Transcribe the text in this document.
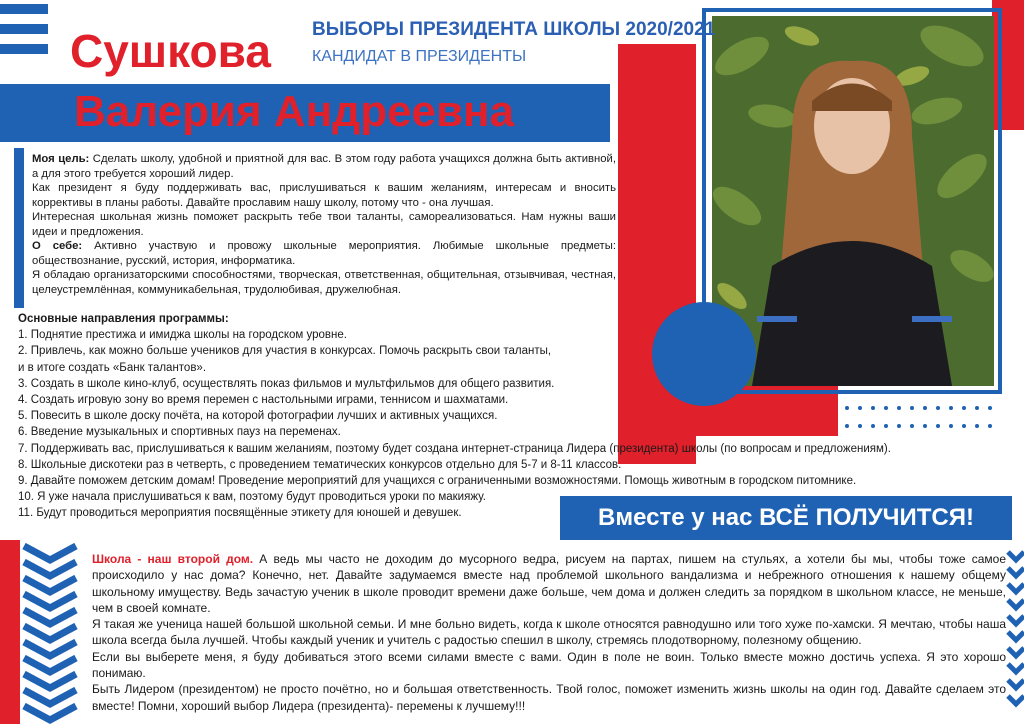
ВЫБОРЫ ПРЕЗИДЕНТА ШКОЛЫ 2020/2021
КАНДИДАТ В ПРЕЗИДЕНТЫ
Сушкова
Валерия Андреевна

Моя цель: Сделать школу, удобной и приятной для вас. В этом году работа учащихся должна быть активной, а для этого требуется хороший лидер.

Как президент я буду поддерживать вас, прислушиваться к вашим желаниям, интересам и вносить коррективы в планы работы. Давайте прославим нашу школу, потому что - она лучшая.

Интересная школьная жизнь поможет раскрыть тебе твои таланты, самореализоваться. Нам нужны ваши идеи и предложения.

О себе: Активно участвую и провожу школьные мероприятия. Любимые школьные предметы: обществознание, русский, история, информатика.

Я обладаю организаторскими способностями, творческая, ответственная, общительная, отзывчивая, честная, целеустремлённая, коммуникабельная, трудолюбивая, дружелюбная.

Основные направления программы:
1. Поднятие престижа и имиджа школы на городском уровне.
2. Привлечь, как можно больше учеников для участия в конкурсах. Помочь раскрыть свои таланты,
и в итоге создать «Банк талантов».
3. Создать в школе кино-клуб, осуществлять показ фильмов и мультфильмов для общего развития.
4. Создать игровую зону во время перемен с настольными играми, теннисом и шахматами.
5. Повесить в школе доску почёта, на которой фотографии лучших и активных учащихся.
6. Введение музыкальных и спортивных пауз на переменах.
7. Поддерживать вас, прислушиваться к вашим желаниям, поэтому будет создана интернет-страница Лидера (президента) школы (по вопросам и предложениям).
8. Школьные дискотеки раз в четверть, с проведением тематических конкурсов отдельно для 5-7 и 8-11 классов.
9. Давайте поможем детским домам! Проведение мероприятий для учащихся с ограниченными возможностями. Помощь животным в городском питомнике.
10. Я уже начала прислушиваться к вам, поэтому будут проводиться уроки по макияжу.
11. Будут проводиться мероприятия посвящённые этикету для юношей и девушек.	Вместе у нас ВСЁ ПОЛУЧИТСЯ!

Школа - наш второй дом. А ведь мы часто не доходим до мусорного ведра, рисуем на партах, пишем на стульях, а хотели бы мы, чтобы тоже самое происходило у нас дома? Конечно, нет. Давайте задумаемся вместе над проблемой школьного вандализма и небрежного отношения к нашему общему школьному имуществу. Ведь зачастую ученик в школе проводит времени даже больше, чем дома и должен следить за порядком в школьном классе, не меньше, чем в своей комнате.

Я такая же ученица нашей большой школьной семьи. И мне больно видеть, когда к школе относятся равнодушно или того хуже по-хамски. Я мечтаю, чтобы наша школа всегда была лучшей. Чтобы каждый ученик и учитель с радостью спешил в школу, стремясь плодотворному, полезному общению.

Если вы выберете меня, я буду добиваться этого всеми силами вместе с вами. Один в поле не воин. Только вместе можно достичь успеха. Я это хорошо понимаю.

Быть Лидером (президентом) не просто почётно, но и большая ответственность. Твой голос, поможет изменить жизнь школы на один год. Давайте сделаем это вместе! Помни, хороший выбор Лидера (президента)- перемены к лучшему!!!
